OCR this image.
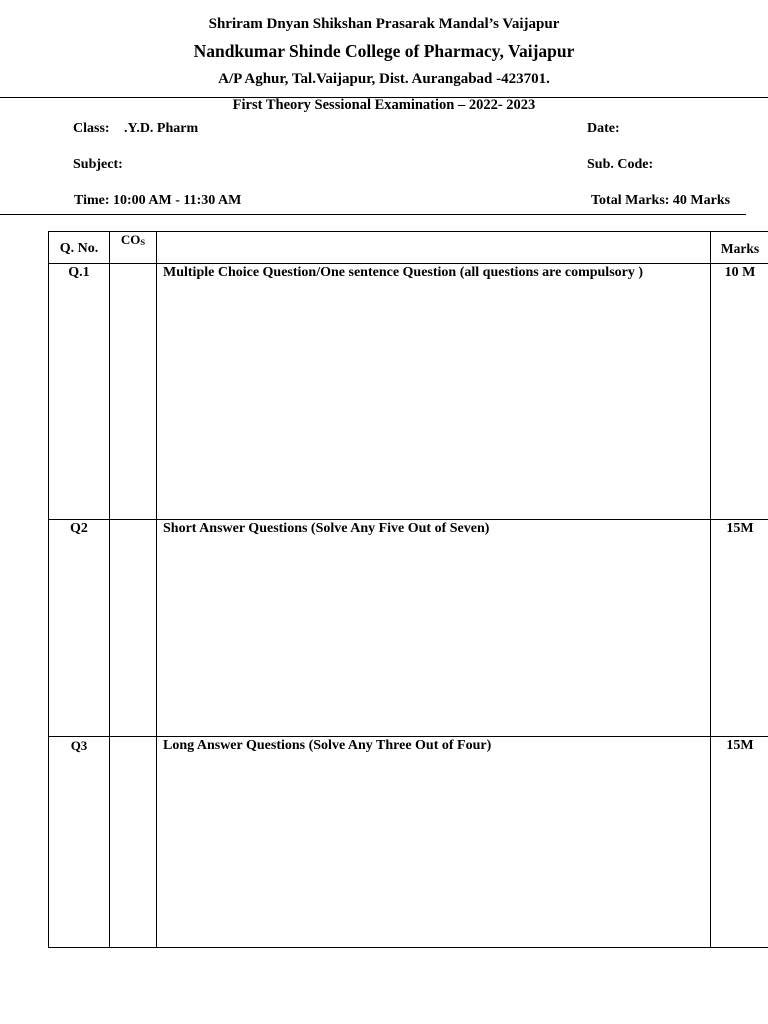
Shriram Dnyan Shikshan Prasarak Mandal’s Vaijapur
Nandkumar Shinde College of Pharmacy, Vaijapur
A/P Aghur, Tal.Vaijapur, Dist. Aurangabad -423701.
First Theory Sessional Examination – 2022- 2023
Class: .Y.D. Pharm	Date:
Subject:	Sub. Code:
Time: 10:00 AM - 11:30 AM	Total Marks: 40 Marks
Q. No.	COS		Marks

Q.1		Multiple Choice Question/One sentence Question (all questions are compulsory )	10 M

Q2		Short Answer Questions (Solve Any Five Out of Seven)	15M

Q3		Long Answer Questions (Solve Any Three Out of Four)	15M
